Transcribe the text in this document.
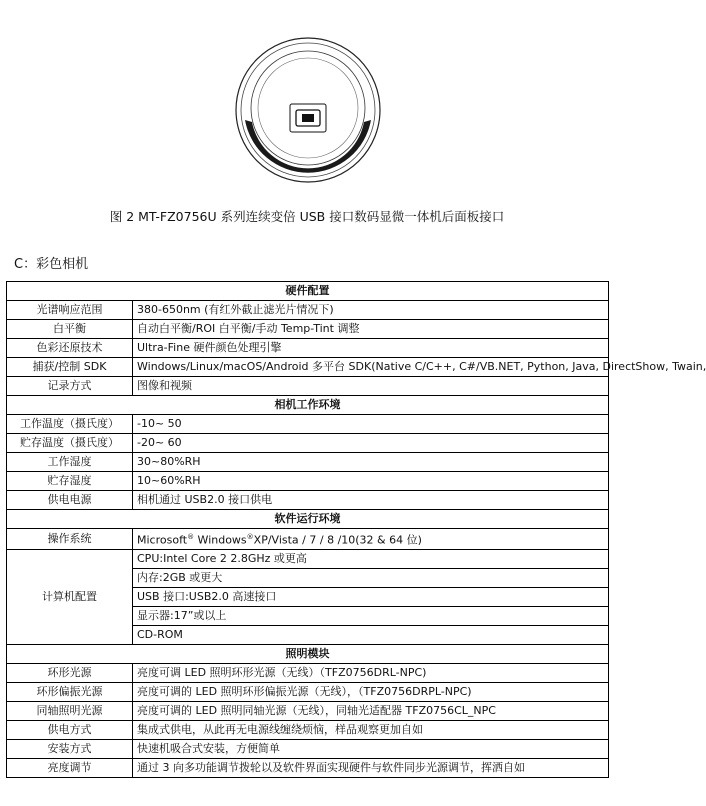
图 2 MT-FZ0756U 系列连续变倍 USB 接口数码显微一体机后面板接口
C：彩色相机
硬件配置	
光谱响应范围	380-650nm (有红外截止滤光片情况下)
白平衡	自动白平衡/ROI 白平衡/手动 Temp-Tint 调整
色彩还原技术	Ultra-Fine 硬件颜色处理引擎
捕获/控制 SDK	Windows/Linux/macOS/Android 多平台 SDK(Native C/C++, C#/VB.NET, Python, Java, DirectShow, Twain,
记录方式	图像和视频
相机工作环境	
工作温度（摄氏度）	-10~ 50
贮存温度（摄氏度）	-20~ 60
工作湿度	30~80%RH
贮存湿度	10~60%RH
供电电源	相机通过 USB2.0 接口供电
软件运行环境	
操作系统	Microsoft® Windows®XP/Vista / 7 / 8 /10(32 & 64 位)
计算机配置	CPU:Intel Core 2 2.8GHz 或更高
	内存:2GB 或更大
	USB 接口:USB2.0 高速接口
	显示器:17”或以上
	CD-ROM
照明模块	
环形光源	亮度可调 LED 照明环形光源（无线）（TFZ0756DRL-NPC)
环形偏振光源	亮度可调的 LED 照明环形偏振光源（无线），（TFZ0756DRPL-NPC)
同轴照明光源	亮度可调的 LED 照明同轴光源（无线），同轴光适配器 TFZ0756CL_NPC
供电方式	集成式供电，从此再无电源线缠绕烦恼，样品观察更加自如
安装方式	快速机吸合式安装，方便简单
亮度调节	通过 3 向多功能调节拨轮以及软件界面实现硬件与软件同步光源调节，挥洒自如
